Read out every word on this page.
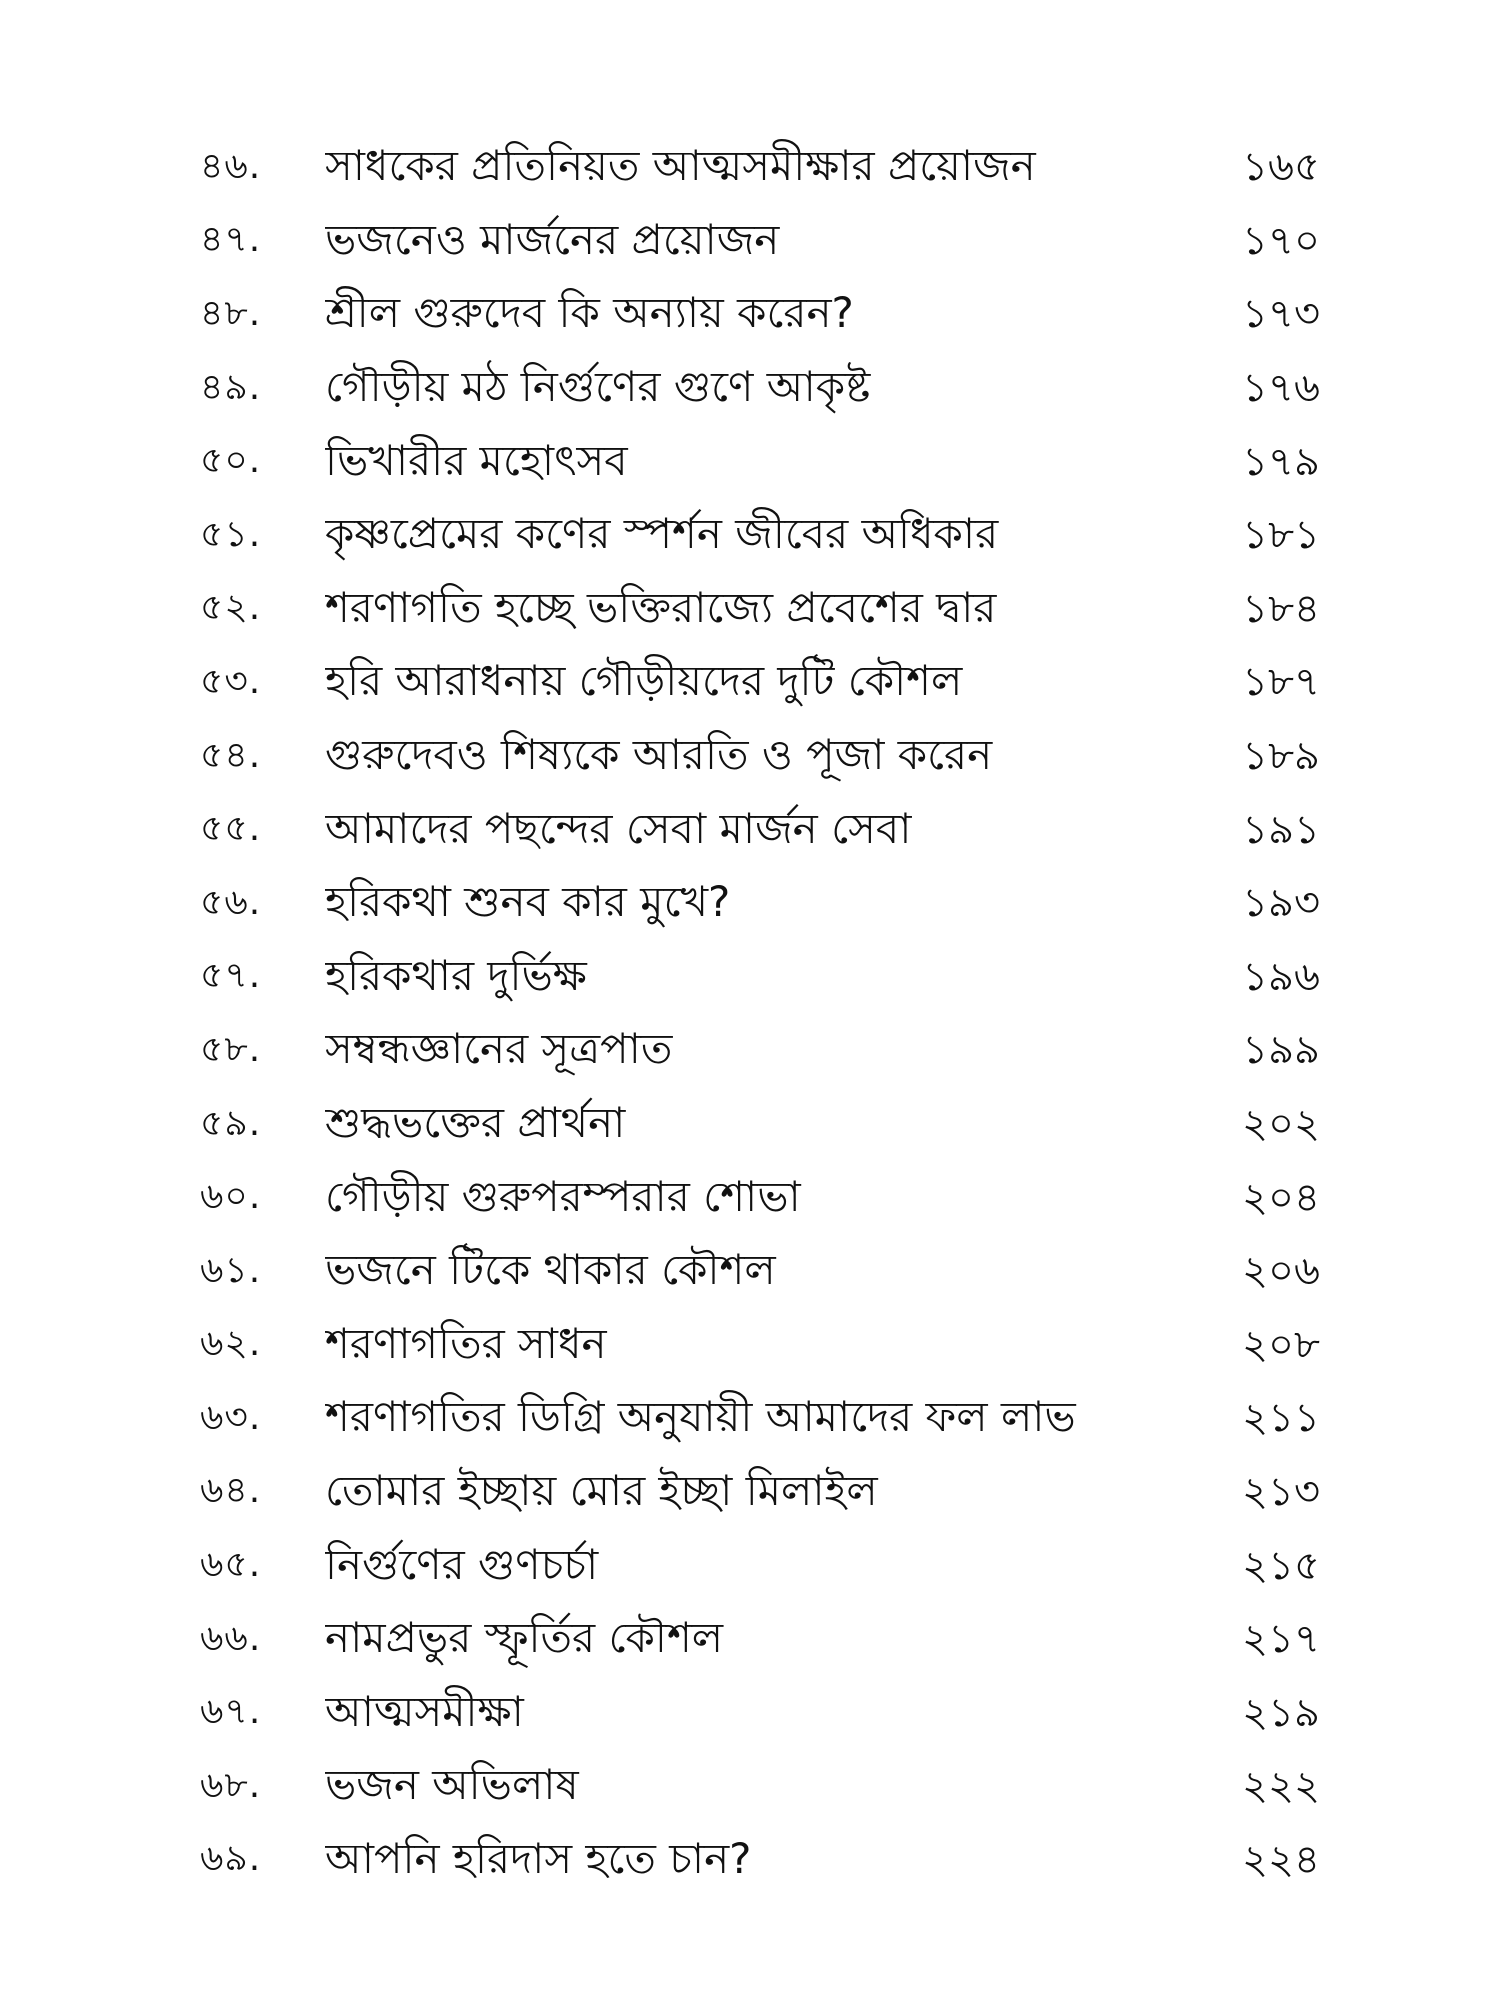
৪৬.	সাধকের প্রতিনিয়ত আত্মসমীক্ষার প্রয়োজন	১৬৫
৪৭.	ভজনেও মার্জনের প্রয়োজন	১৭০
৪৮.	শ্রীল গুরুদেব কি অন্যায় করেন?	১৭৩
৪৯.	গৌড়ীয় মঠ নির্গুণের গুণে আকৃষ্ট	১৭৬
৫০.	ভিখারীর মহোৎসব	১৭৯
৫১.	কৃষ্ণপ্রেমের কণের স্পর্শন জীবের অধিকার	১৮১
৫২.	শরণাগতি হচ্ছে ভক্তিরাজ্যে প্রবেশের দ্বার	১৮৪
৫৩.	হরি আরাধনায় গৌড়ীয়দের দুটি কৌশল	১৮৭
৫৪.	গুরুদেবও শিষ্যকে আরতি ও পূজা করেন	১৮৯
৫৫.	আমাদের পছন্দের সেবা মার্জন সেবা	১৯১
৫৬.	হরিকথা শুনব কার মুখে?	১৯৩
৫৭.	হরিকথার দুর্ভিক্ষ	১৯৬
৫৮.	সম্বন্ধজ্ঞানের সূত্রপাত	১৯৯
৫৯.	শুদ্ধভক্তের প্রার্থনা	২০২
৬০.	গৌড়ীয় গুরুপরম্পরার শোভা	২০৪
৬১.	ভজনে টিকে থাকার কৌশল	২০৬
৬২.	শরণাগতির সাধন	২০৮
৬৩.	শরণাগতির ডিগ্রি অনুযায়ী আমাদের ফল লাভ	২১১
৬৪.	তোমার ইচ্ছায় মোর ইচ্ছা মিলাইল	২১৩
৬৫.	নির্গুণের গুণচর্চা	২১৫
৬৬.	নামপ্রভুর স্ফূর্তির কৌশল	২১৭
৬৭.	আত্মসমীক্ষা	২১৯
৬৮.	ভজন অভিলাষ	২২২
৬৯.	আপনি হরিদাস হতে চান?	২২৪
